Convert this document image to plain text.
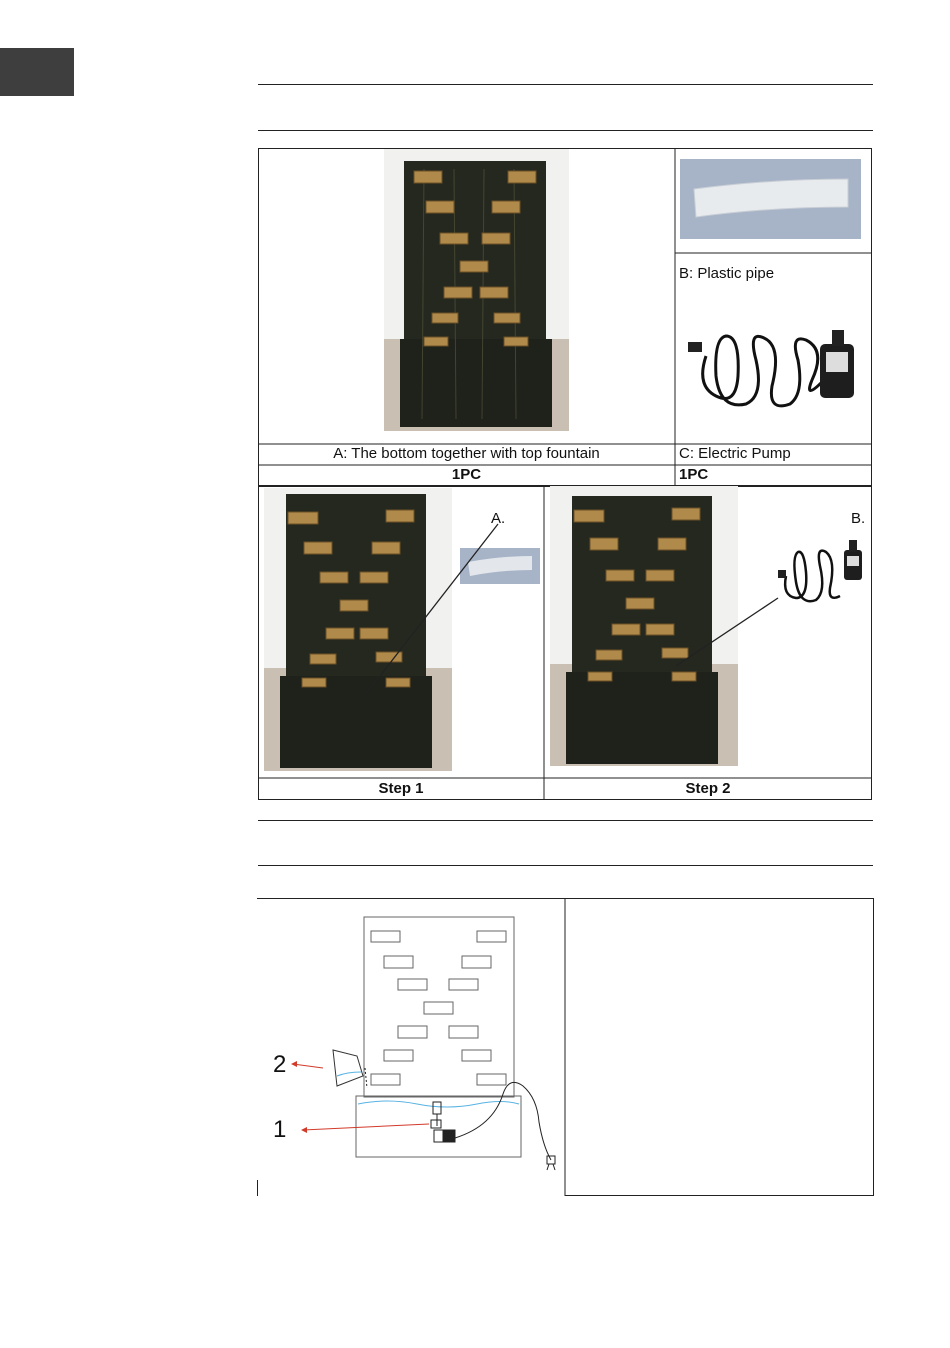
B: Plastic pipe
A: The bottom together with top fountain	C: Electric Pump
1PC	1PC
A.	B.
Step 1	Step 2
2
1
